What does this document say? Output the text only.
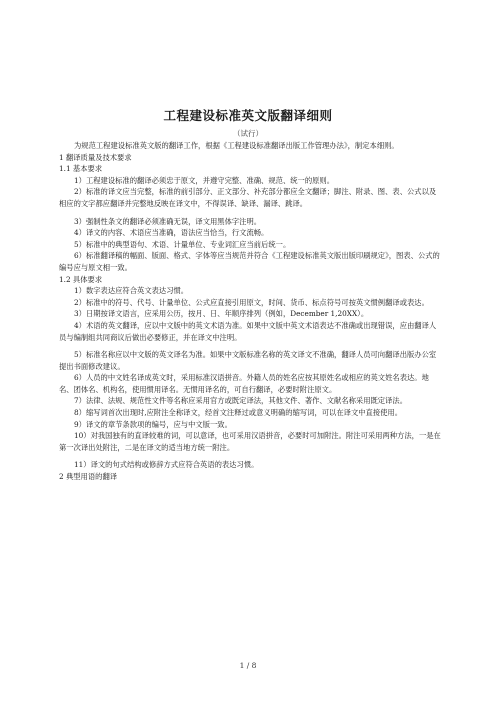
工程建设标准英文版翻译细则
（试行）

为规范工程建设标准英文版的翻译工作，根据《工程建设标准翻译出版工作管理办法》，制定本细则。

1 翻译质量及技术要求

1.1 基本要求

1）工程建设标准的翻译必须忠于原文，并遵守完整、准确、规范、统一的原则。

2）标准的译文应当完整，标准的前引部分、正文部分、补充部分都应全文翻译；脚注、附录、图、表、公式以及相应的文字都应翻译并完整地反映在译文中，不得误译、缺译、漏译、跳译。

3）强制性条文的翻译必须准确无误，译文用黑体字注明。

4）译文的内容、术语应当准确，语法应当恰当，行文流畅。

5）标准中的典型语句、术语、计量单位、专业词汇应当前后统一。

6）标准翻译稿的幅面、版面、格式、字体等应当规范并符合《工程建设标准英文版出版印刷规定》，图表、公式的编号应与原文相一致。

1.2 具体要求

1）数字表达应符合英文表达习惯。

2）标准中的符号、代号、计量单位、公式应直接引用原文，时间、货币、标点符号可按英文惯例翻译或表达。

3）日期按译文语言，应采用公历，按月、日、年顺序排列（例如，December 1,20XX）。

4）术语的英文翻译，应以中文版中的英文术语为准。如果中文版中英文术语表达不准确或出现错误，应由翻译人员与编制组共同商议后做出必要修正，并在译文中注明。

5）标准名称应以中文版的英文译名为准。如果中文版标准名称的英文译文不准确，翻译人员可向翻译出版办公室提出书面修改建议。

6）人员的中文姓名译成英文时，采用标准汉语拼音。外籍人员的姓名应按其原姓名或相应的英文姓名表达。地名、团体名、机构名，使用惯用译名。无惯用译名的，可自行翻译，必要时附注原文。

7）法律、法规、规范性文件等名称应采用官方或既定译法，其他文件、著作、文献名称采用既定译法。

8）缩写词首次出现时,应附注全称译文，经首文注释过或意义明确的缩写词，可以在译文中直接使用。

9）译文的章节条款项的编号，应与中文版一致。

10）对我国独有的直译较难的词，可以意译，也可采用汉语拼音，必要时可加附注。附注可采用两种方法，一是在第一次译出处附注，二是在译文的适当地方统一附注。

11）译文的句式结构或修辞方式应符合英语的表达习惯。

2 典型用语的翻译

1 / 8
